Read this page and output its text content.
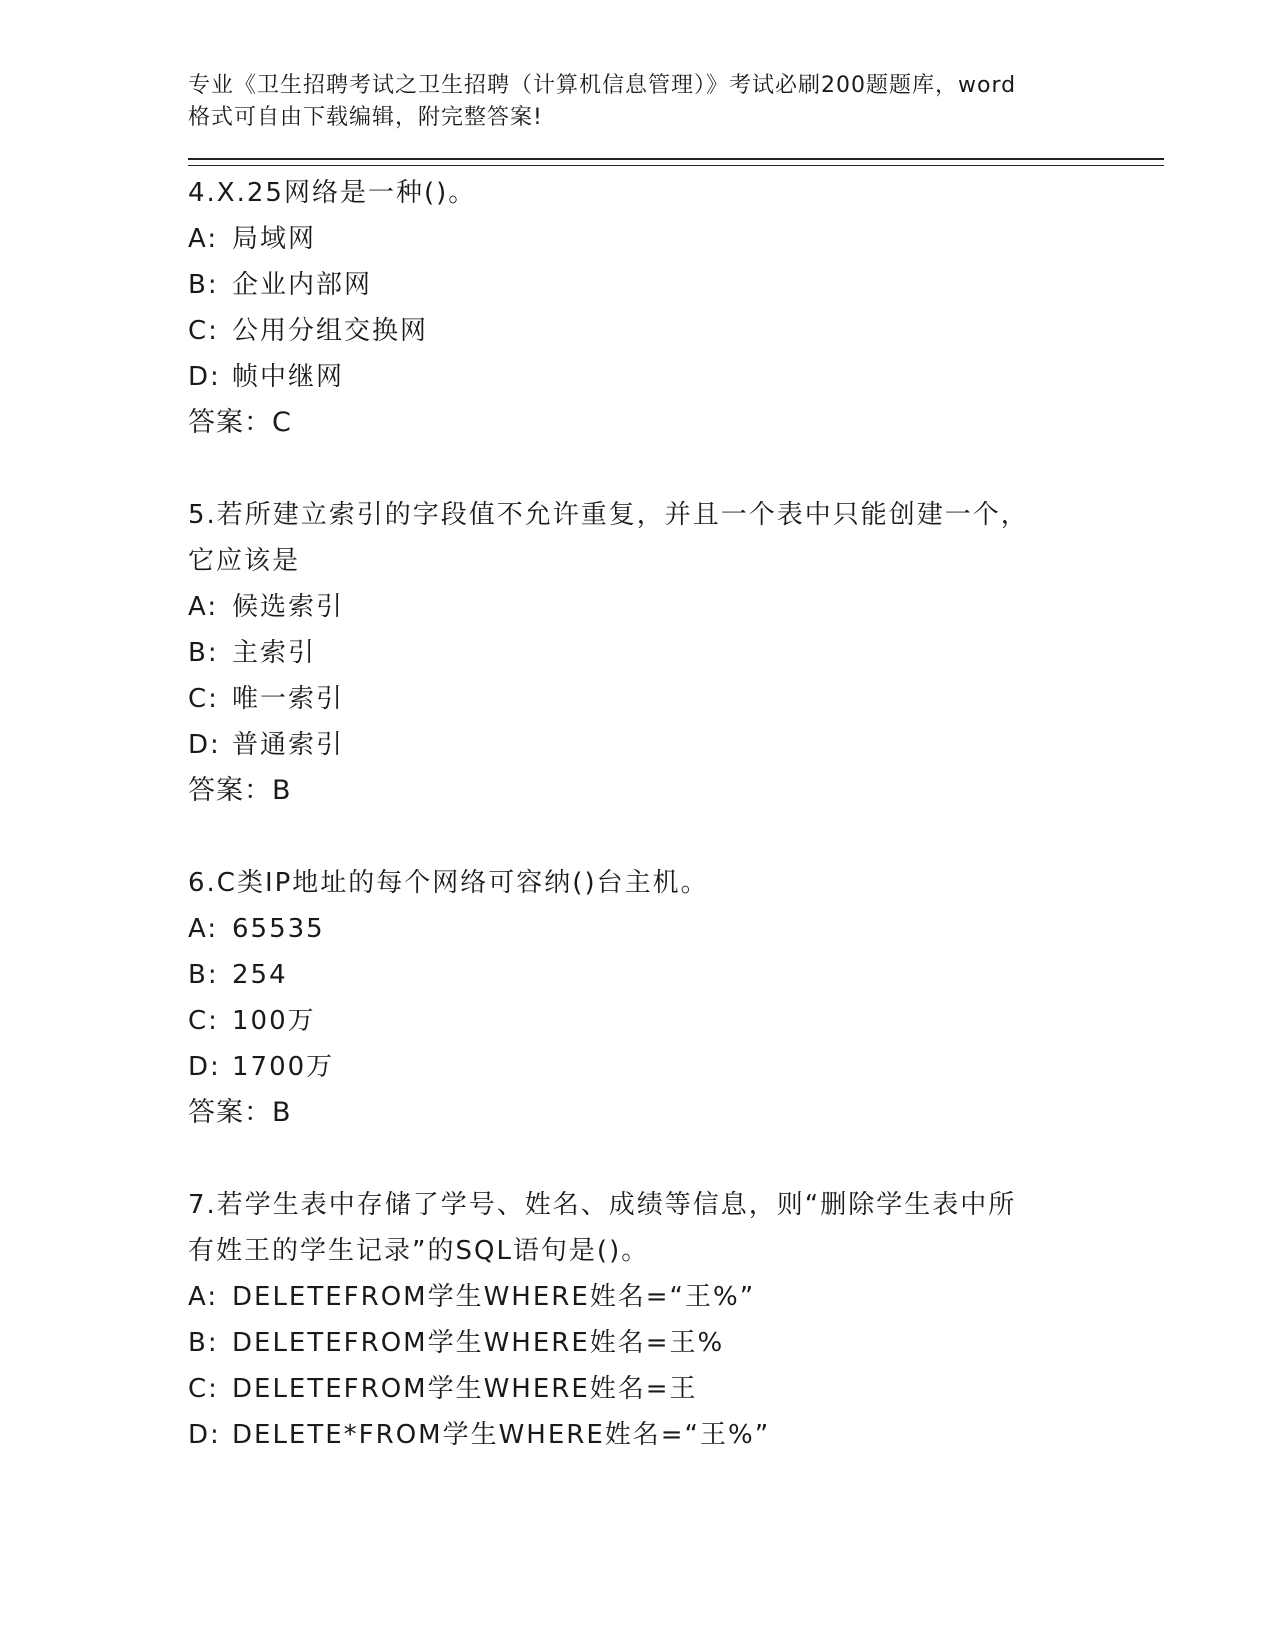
专业《卫生招聘考试之卫生招聘（计算机信息管理）》考试必刷200题题库，word
格式可自由下载编辑，附完整答案!
4.X.25网络是一种()。
A: 局域网
B: 企业内部网
C: 公用分组交换网
D: 帧中继网
答案：C
5.若所建立索引的字段值不允许重复，并且一个表中只能创建一个，
它应该是
A: 候选索引
B: 主索引
C: 唯一索引
D: 普通索引
答案：B
6.C类IP地址的每个网络可容纳()台主机。
A: 65535
B: 254
C: 100万
D: 1700万
答案：B
7.若学生表中存储了学号、姓名、成绩等信息，则“删除学生表中所
有姓王的学生记录”的SQL语句是()。
A: DELETEFROM学生WHERE姓名=“王%”
B: DELETEFROM学生WHERE姓名=王%
C: DELETEFROM学生WHERE姓名=王
D: DELETE*FROM学生WHERE姓名=“王%”
